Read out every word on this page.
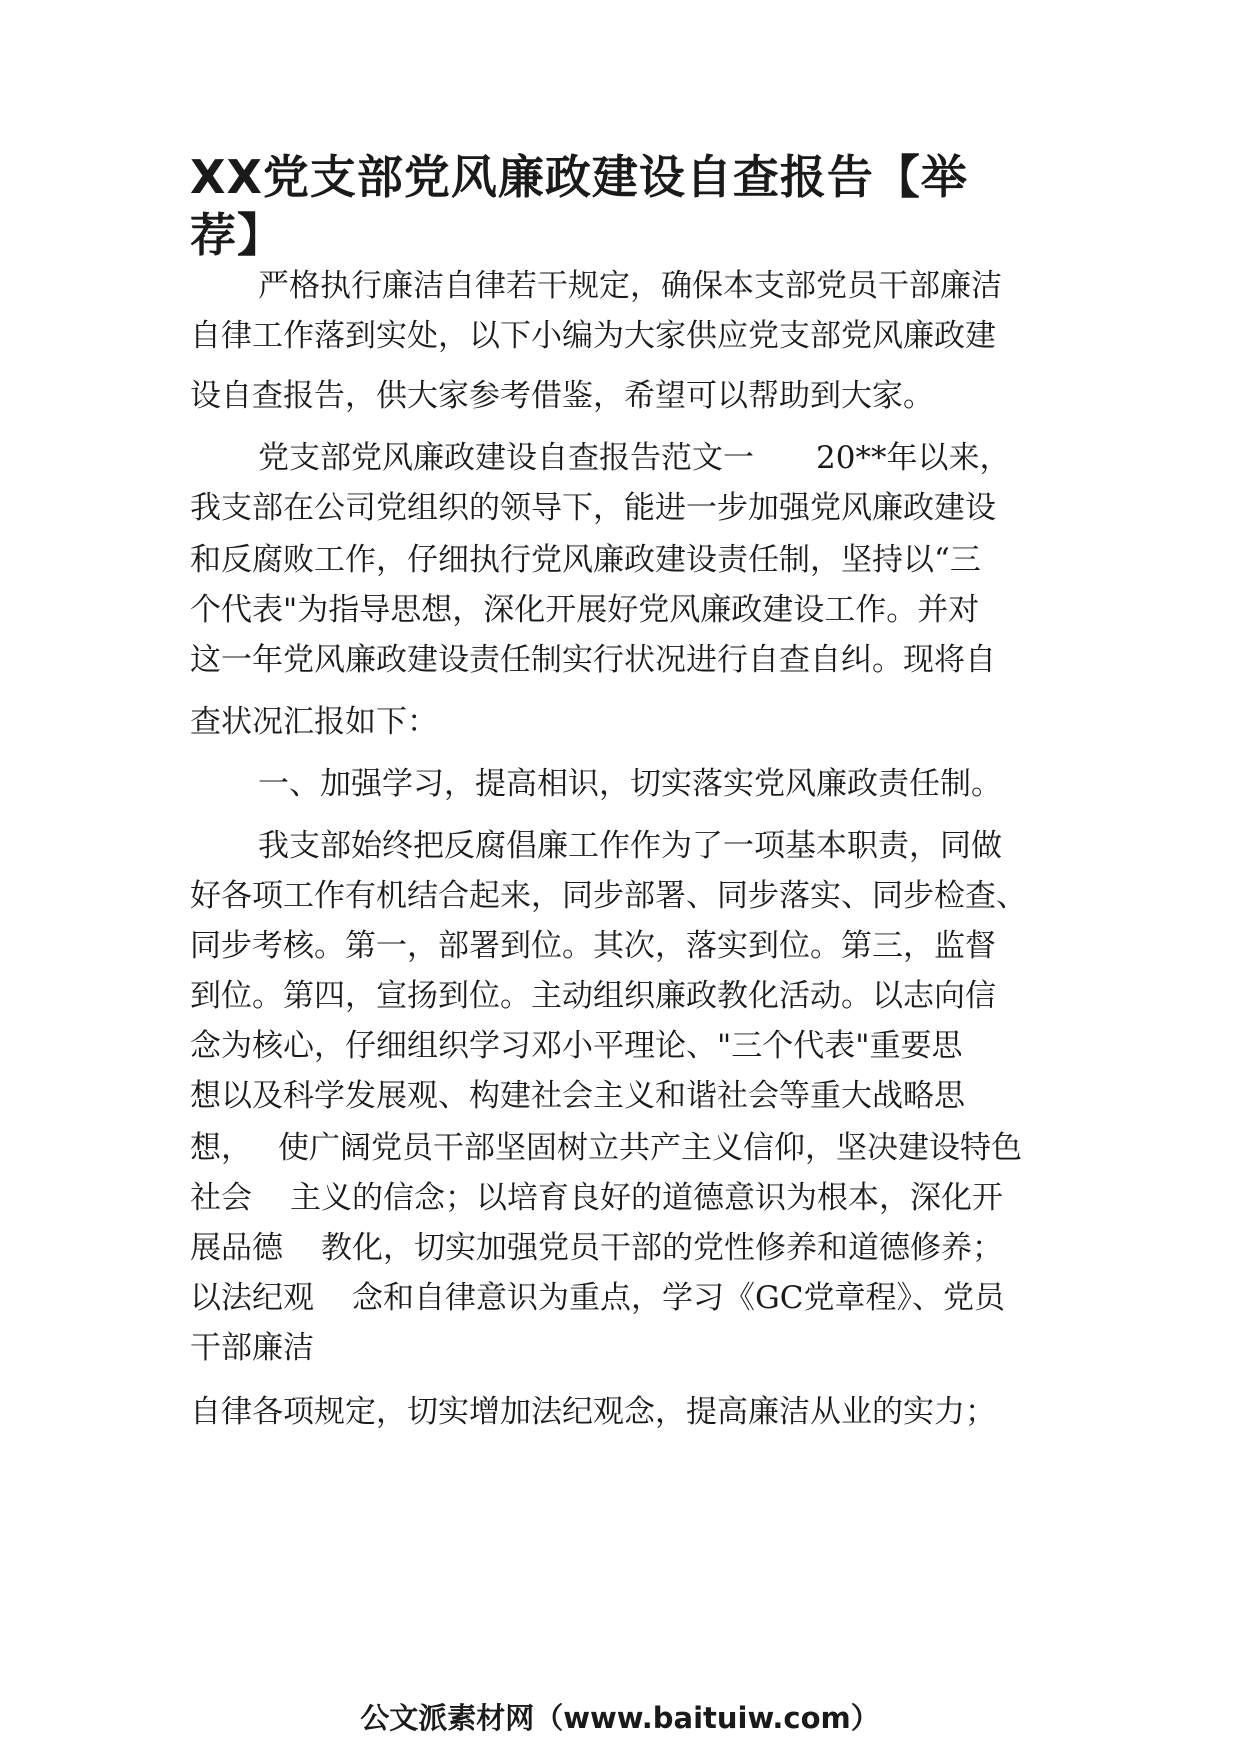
XX党支部党风廉政建设自查报告【举
荐】

严格执行廉洁自律若干规定，确保本支部党员干部廉洁

自律工作落到实处，以下小编为大家供应党支部党风廉政建

设自查报告，供大家参考借鉴，希望可以帮助到大家。

党支部党风廉政建设自查报告范文一 20**年以来，

我支部在公司党组织的领导下，能进一步加强党风廉政建设

和反腐败工作，仔细执行党风廉政建设责任制，坚持以“三

个代表"为指导思想，深化开展好党风廉政建设工作。并对

这一年党风廉政建设责任制实行状况进行自查自纠。现将自

查状况汇报如下：

一、加强学习，提高相识，切实落实党风廉政责任制。

我支部始终把反腐倡廉工作作为了一项基本职责，同做

好各项工作有机结合起来，同步部署、同步落实、同步检查、

同步考核。第一，部署到位。其次，落实到位。第三，监督

到位。第四，宣扬到位。主动组织廉政教化活动。以志向信

念为核心，仔细组织学习邓小平理论、"三个代表"重要思

想以及科学发展观、构建社会主义和谐社会等重大战略思

想， 使广阔党员干部坚固树立共产主义信仰，坚决建设特色

社会 主义的信念；以培育良好的道德意识为根本，深化开

展品德 教化，切实加强党员干部的党性修养和道德修养；

以法纪观 念和自律意识为重点，学习《GC党章程》、党员

干部廉洁

自律各项规定，切实增加法纪观念，提高廉洁从业的实力；

公文派素材网（www.baituiw.com）
